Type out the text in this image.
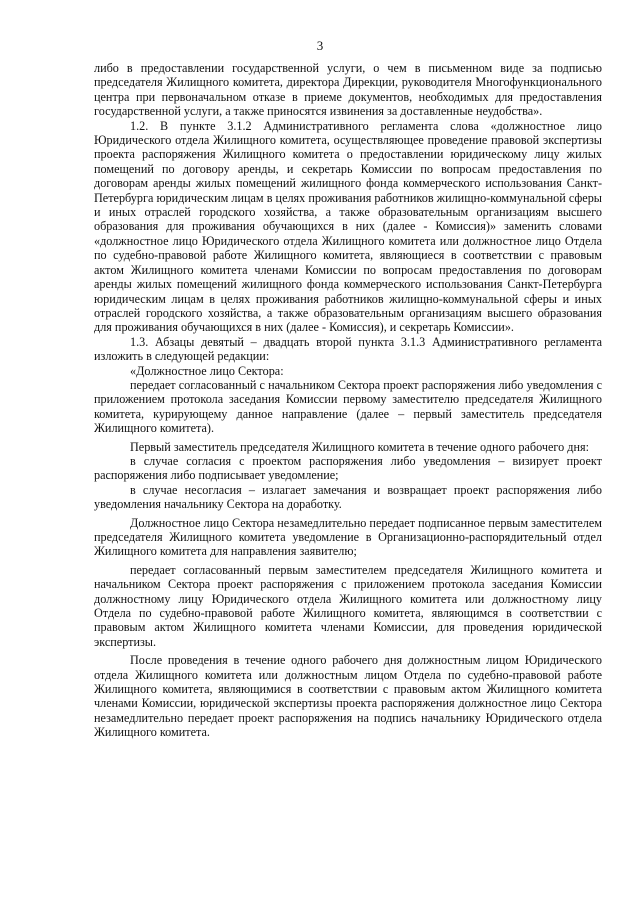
3

либо в предоставлении государственной услуги, о чем в письменном виде за подписью председателя Жилищного комитета, директора Дирекции, руководителя Многофункционального центра при первоначальном отказе в приеме документов, необходимых для предоставления государственной услуги, а также приносятся извинения за доставленные неудобства».

1.2. В пункте 3.1.2 Административного регламента слова «должностное лицо Юридического отдела Жилищного комитета, осуществляющее проведение правовой экспертизы проекта распоряжения Жилищного комитета о предоставлении юридическому лицу жилых помещений по договору аренды, и секретарь Комиссии по вопросам предоставления по договорам аренды жилых помещений жилищного фонда коммерческого использования Санкт-Петербурга юридическим лицам в целях проживания работников жилищно-коммунальной сферы и иных отраслей городского хозяйства, а также образовательным организациям высшего образования для проживания обучающихся в них (далее - Комиссия)» заменить словами «должностное лицо Юридического отдела Жилищного комитета или должностное лицо Отдела по судебно-правовой работе Жилищного комитета, являющиеся в соответствии с правовым актом Жилищного комитета членами Комиссии по вопросам предоставления по договорам аренды жилых помещений жилищного фонда коммерческого использования Санкт-Петербурга юридическим лицам в целях проживания работников жилищно-коммунальной сферы и иных отраслей городского хозяйства, а также образовательным организациям высшего образования для проживания обучающихся в них (далее - Комиссия), и секретарь Комиссии».

1.3. Абзацы девятый – двадцать второй пункта 3.1.3 Административного регламента изложить в следующей редакции:

«Должностное лицо Сектора:

передает согласованный с начальником Сектора проект распоряжения либо уведомления с приложением протокола заседания Комиссии первому заместителю председателя Жилищного комитета, курирующему данное направление (далее – первый заместитель председателя Жилищного комитета).

Первый заместитель председателя Жилищного комитета в течение одного рабочего дня:

в случае согласия с проектом распоряжения либо уведомления – визирует проект распоряжения либо подписывает уведомление;

в случае несогласия – излагает замечания и возвращает проект распоряжения либо уведомления начальнику Сектора на доработку.

Должностное лицо Сектора незамедлительно передает подписанное первым заместителем председателя Жилищного комитета уведомление в Организационно-распорядительный отдел Жилищного комитета для направления заявителю;

передает согласованный первым заместителем председателя Жилищного комитета и начальником Сектора проект распоряжения с приложением протокола заседания Комиссии должностному лицу Юридического отдела Жилищного комитета или должностному лицу Отдела по судебно-правовой работе Жилищного комитета, являющимся в соответствии с правовым актом Жилищного комитета членами Комиссии, для проведения юридической экспертизы.

После проведения в течение одного рабочего дня должностным лицом Юридического отдела Жилищного комитета или должностным лицом Отдела по судебно-правовой работе Жилищного комитета, являющимися в соответствии с правовым актом Жилищного комитета членами Комиссии, юридической экспертизы проекта распоряжения должностное лицо Сектора незамедлительно передает проект распоряжения на подпись начальнику Юридического отдела Жилищного комитета.
